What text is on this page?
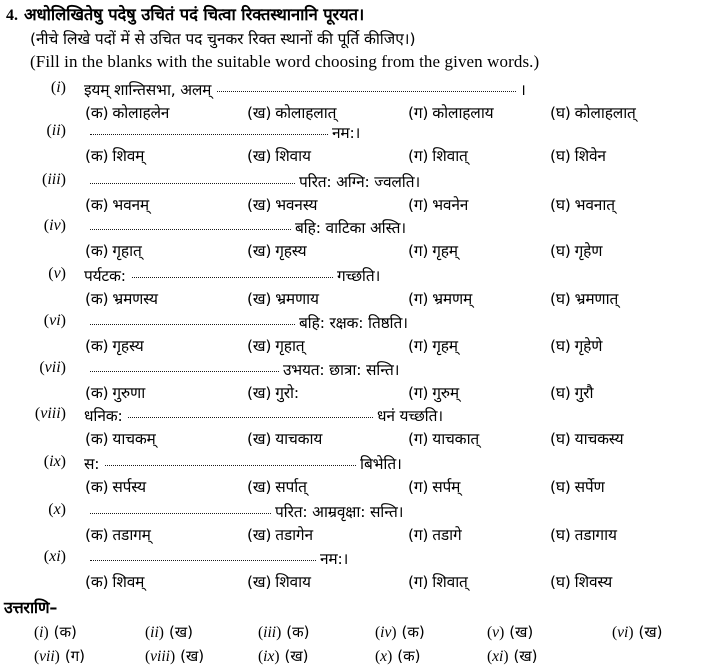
4. अधोलिखितेषु पदेषु उचितं पदं चित्वा रिक्तस्थानानि पूरयत।
(नीचे लिखे पदों में से उचित पद चुनकर रिक्त स्थानों की पूर्ति कीजिए।)
(Fill in the blanks with the suitable word choosing from the given words.)
(i) इयम् शान्तिसभा, अलम्	।
(क) कोलाहलेन	(ख) कोलाहलात्	(ग) कोलाहलाय	(घ) कोलाहलात्
(ii)	नम:।
(क) शिवम्	(ख) शिवाय	(ग) शिवात्	(घ) शिवेन
(iii)	परित: अग्नि: ज्वलति।
(क) भवनम्	(ख) भवनस्य	(ग) भवनेन	(घ) भवनात्
(iv)	बहि: वाटिका अस्ति।
(क) गृहात्	(ख) गृहस्य	(ग) गृहम्	(घ) गृहेण
(v) पर्यटक:	गच्छति।
(क) भ्रमणस्य	(ख) भ्रमणाय	(ग) भ्रमणम्	(घ) भ्रमणात्
(vi)	बहि: रक्षक: तिष्ठति।
(क) गृहस्य	(ख) गृहात्	(ग) गृहम्	(घ) गृहेणे
(vii)	उभयत: छात्रा: सन्ति।
(क) गुरुणा	(ख) गुरो:	(ग) गुरुम्	(घ) गुरौ
(viii) धनिक:	धनं यच्छति।
(क) याचकम्	(ख) याचकाय	(ग) याचकात्	(घ) याचकस्य
(ix) स:	बिभेति।
(क) सर्पस्य	(ख) सर्पात्	(ग) सर्पम्	(घ) सर्पेण
(x)	परित: आम्रवृक्षा: सन्ति।
(क) तडागम्	(ख) तडागेन	(ग) तडागे	(घ) तडागाय
(xi)	नम:।
(क) शिवम्	(ख) शिवाय	(ग) शिवात्	(घ) शिवस्य
उत्तराणि–
(i) (क)	(ii) (ख)	(iii) (क)	(iv) (क)	(v) (ख)	(vi) (ख)
(vii) (ग)	(viii) (ख)	(ix) (ख)	(x) (क)	(xi) (ख)
